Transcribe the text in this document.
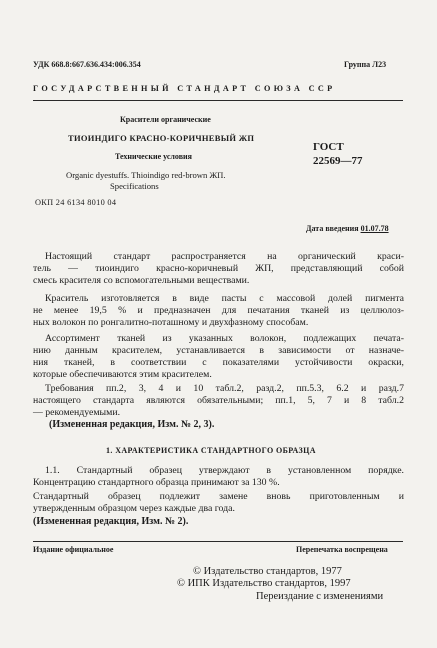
УДК 668.8:667.636.434:006.354	Группа Л23
ГОСУДАРСТВЕННЫЙ СТАНДАРТ СОЮЗА ССР
Красители органические
ТИОИНДИГО КРАСНО-КОРИЧНЕВЫЙ ЖП
Технические условия
Organic dyestuffs. Thioindigo red-brown ЖП.
Specifications
ГОСТ
22569—77
ОКП 24 6134 8010 04
Дата введения 01.07.78
Настоящий стандарт распространяется на органический краси-
тель — тиоиндиго красно-коричневый ЖП, представляющий собой
смесь красителя со вспомогательными веществами.
Краситель изготовляется в виде пасты с массовой долей пигмента
не менее 19,5 % и предназначен для печатания тканей из целлюлоз-
ных волокон по ронгалитно-поташному и двухфазному способам.
Ассортимент тканей из указанных волокон, подлежащих печата-
нию данным красителем, устанавливается в зависимости от назначе-
ния тканей, в соответствии с показателями устойчивости окраски,
которые обеспечиваются этим красителем.
Требования пп.2, 3, 4 и 10 табл.2, разд.2, пп.5.3, 6.2 и разд.7
настоящего стандарта являются обязательными; пп.1, 5, 7 и 8 табл.2
— рекомендуемыми.
(Измененная редакция, Изм. № 2, 3).
1. ХАРАКТЕРИСТИКА СТАНДАРТНОГО ОБРАЗЦА
1.1. Стандартный образец утверждают в установленном порядке.
Концентрацию стандартного образца принимают за 130 %.
Стандартный образец подлежит замене вновь приготовленным и
утвержденным образцом через каждые два года.
(Измененная редакция, Изм. № 2).
Издание официальное	Перепечатка воспрещена
© Издательство стандартов, 1977
© ИПК Издательство стандартов, 1997
Переиздание с изменениями
